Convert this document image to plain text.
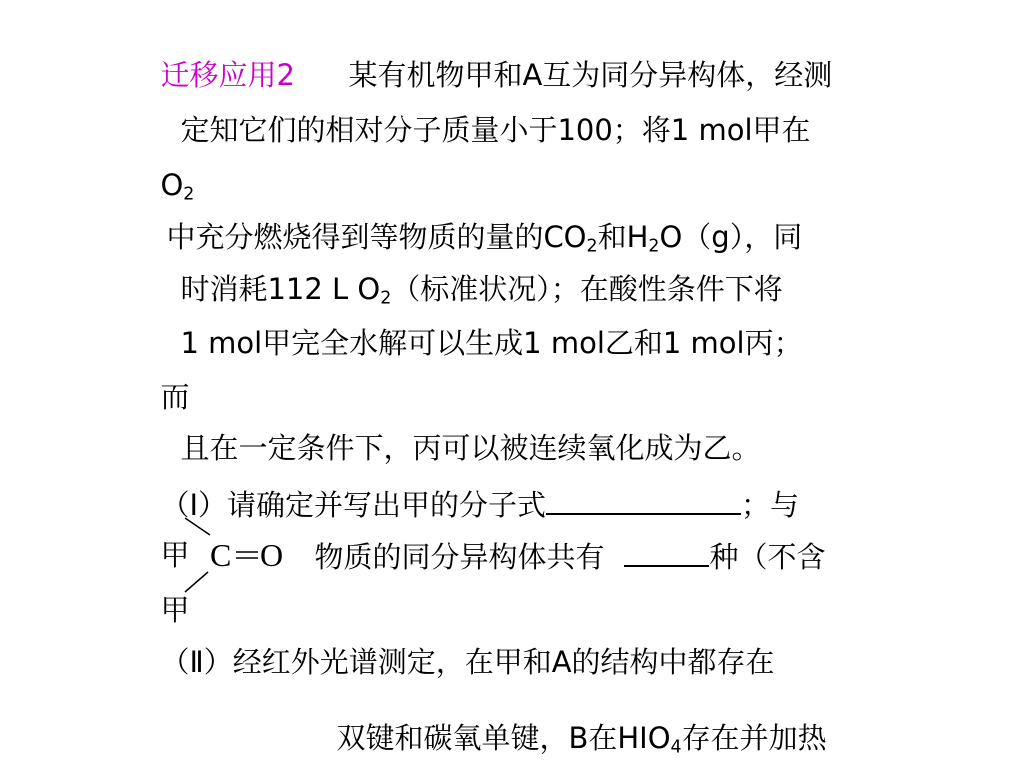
迁移应用2	某有机物甲和A互为同分异构体，经测

定知它们的相对分子质量小于100；将1 mol甲在

$O_2$

中充分燃烧得到等物质的量的$CO_2$和$H_2O(g)$，同

时消耗112 L $O_2$（标准状况）；在酸性条件下将

1 mol甲完全水解可以生成1 mol乙和1 mol丙；

而

且在一定条件下，丙可以被连续氧化成为乙。

（Ⅰ）请确定并写出甲的分子式	；与

甲	物质的同分异构体共有	种（不含

甲

C O

（Ⅱ）经红外光谱测定，在甲和A的结构中都存在

双键和碳氧单键，B在$HIO_4$存在并加热
